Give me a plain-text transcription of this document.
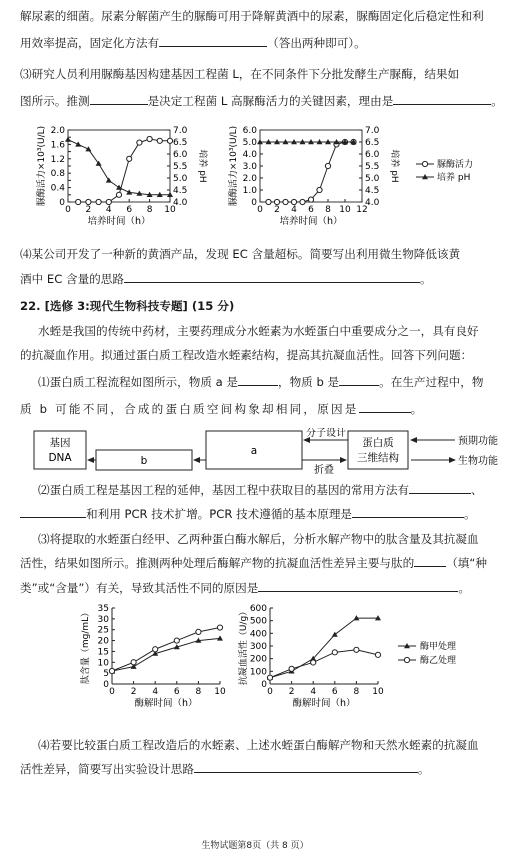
解尿素的细菌。尿素分解菌产生的脲酶可用于降解黄酒中的尿素，脲酶固定化后稳定性和利
用效率提高，固定化方法有	（答出两种即可）。
⑶研究人员利用脲酶基因构建基因工程菌 L，在不同条件下分批发酵生产脲酶，结果如
图所示。推测	是决定工程菌 L 高脲酶活力的关键因素，理由是	。
0
0.4
0.8
1.2
1.6
2.0
4.0
4.5
5.0
5.5
6.0
6.5
7.0
0 2 4 6 8 10
培养时间（h）
脲酶活力×10³(U/L)	培养 pH
0
1.0
2.0
3.0
4.0
5.0
6.0
4.0
4.5
5.0
5.5
6.0
6.5
7.0
0 2 4 6 8 10 12
培养时间（h）
脲酶活力×10³(U/L)	培养 pH	脲酶活力
培养 pH
⑷某公司开发了一种新的黄酒产品，发现 EC 含量超标。简要写出利用微生物降低该黄
酒中 EC 含量的思路	。
22. [选修 3:现代生物科技专题] (15 分)
水蛭是我国的传统中药材，主要药理成分水蛭素为水蛭蛋白中重要成分之一，具有良好
的抗凝血作用。拟通过蛋白质工程改造水蛭素结构，提高其抗凝血活性。回答下列问题：
⑴蛋白质工程流程如图所示，物质 a 是	，物质 b 是	。在生产过程中，物
质 b 可能不同，合成的蛋白质空间构象却相同，原因是	。
基因
DNA	b
a
蛋白质
三维结构
分子设计
折叠
预期功能
生物功能
⑵蛋白质工程是基因工程的延伸，基因工程中获取目的基因的常用方法有	、
和利用 PCR 技术扩增。PCR 技术遵循的基本原理是	。
⑶将提取的水蛭蛋白经甲、乙两种蛋白酶水解后，分析水解产物中的肽含量及其抗凝血
活性，结果如图所示。推测两种处理后酶解产物的抗凝血活性差异主要与肽的	（填“种
类”或“含量”）有关，导致其活性不同的原因是	。
0
5
10
15
20
25
30
35
0 2 4 6 8 10
酶解时间（h）
肽含量（mg/mL）
0
100
200
300
400
500
600
0 2 4 6 8 10
酶解时间（h）
抗凝血活性（U/g）	酶甲处理
酶乙处理
⑷若要比较蛋白质工程改造后的水蛭素、上述水蛭蛋白酶解产物和天然水蛭素的抗凝血
活性差异，简要写出实验设计思路	。
生物试题第8页（共 8 页）
